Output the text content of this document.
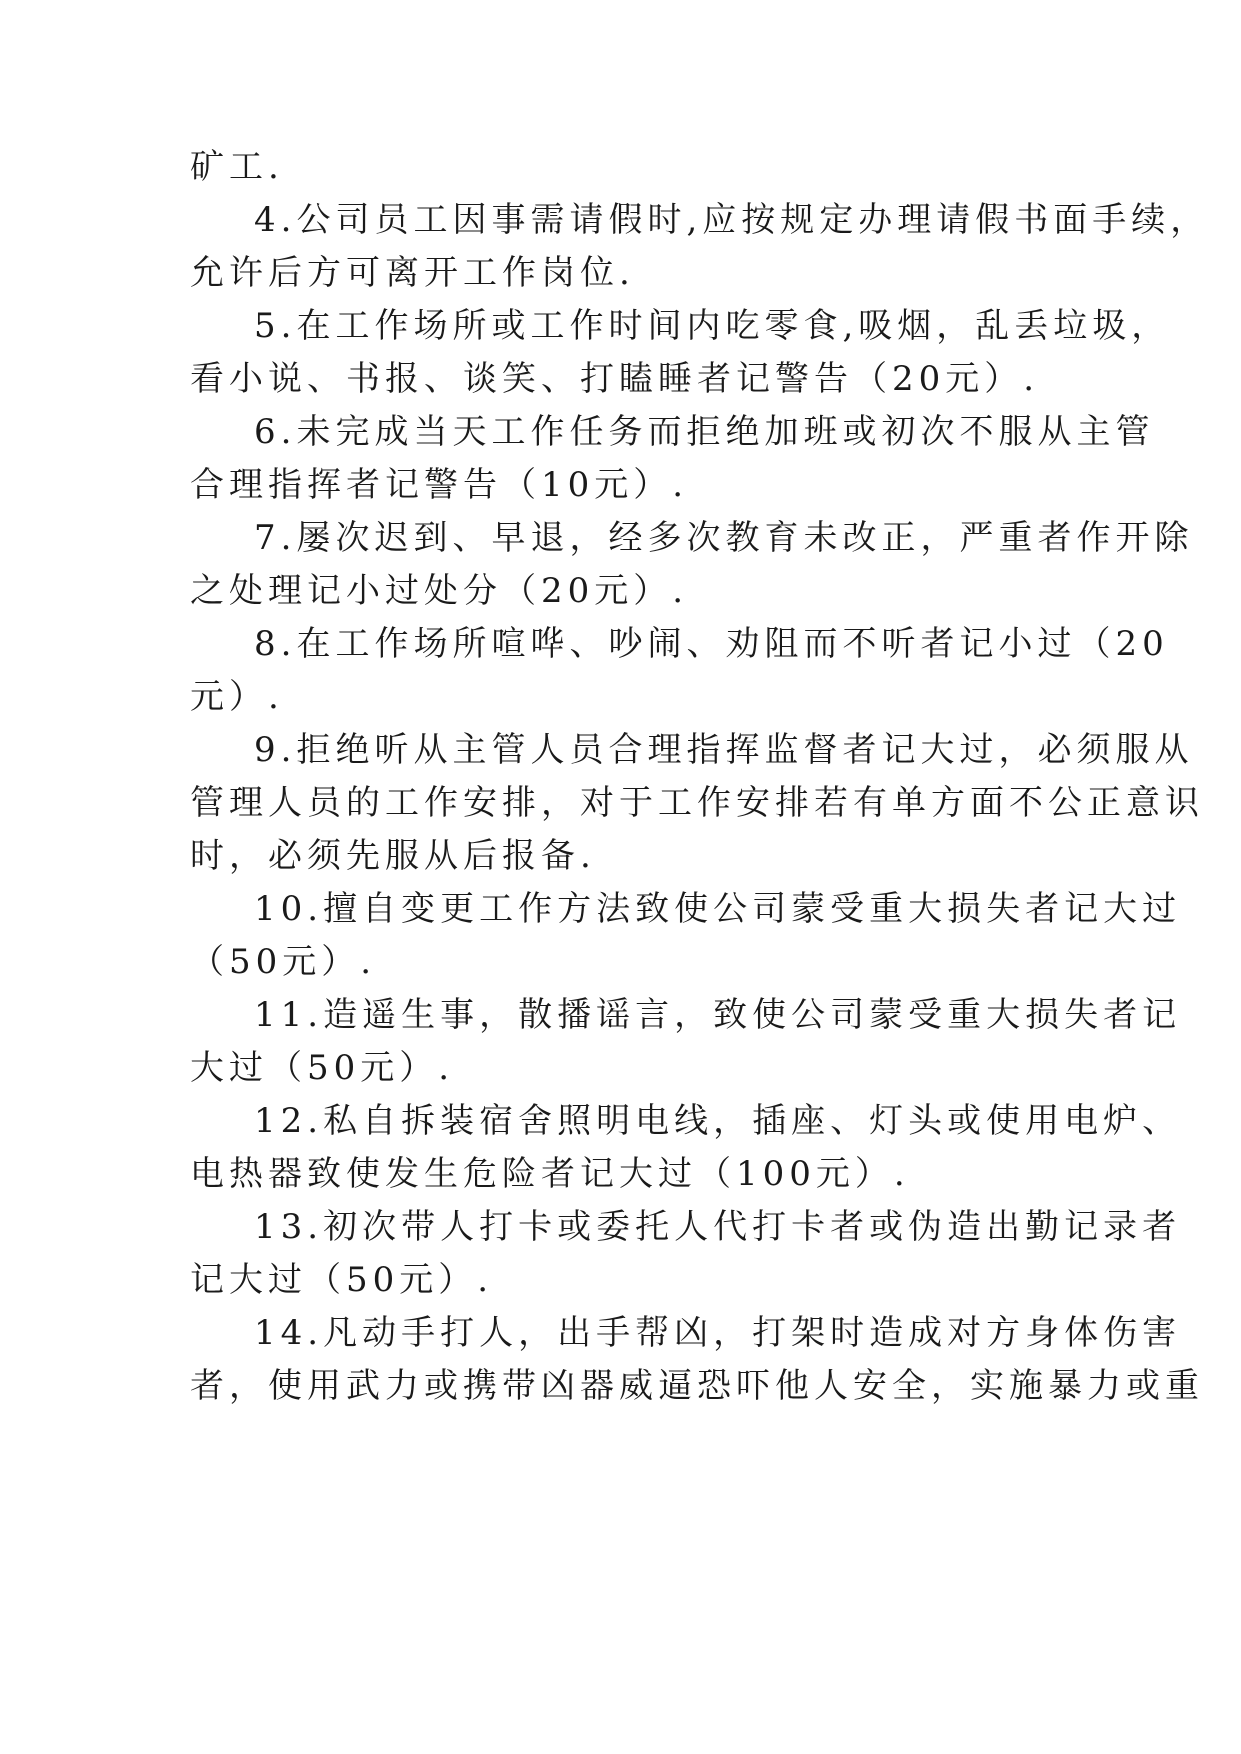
矿工.
4.公司员工因事需请假时,应按规定办理请假书面手续，
允许后方可离开工作岗位.
5.在工作场所或工作时间内吃零食,吸烟，乱丢垃圾，
看小说、书报、谈笑、打瞌睡者记警告（20元）.
6.未完成当天工作任务而拒绝加班或初次不服从主管
合理指挥者记警告（10元）.
7.屡次迟到、早退，经多次教育未改正，严重者作开除
之处理记小过处分（20元）.
8.在工作场所喧哗、吵闹、劝阻而不听者记小过（20
元）.
9.拒绝听从主管人员合理指挥监督者记大过，必须服从
管理人员的工作安排，对于工作安排若有单方面不公正意识
时，必须先服从后报备.
10.擅自变更工作方法致使公司蒙受重大损失者记大过
（50元）.
11.造遥生事，散播谣言，致使公司蒙受重大损失者记
大过（50元）.
12.私自拆装宿舍照明电线，插座、灯头或使用电炉、
电热器致使发生危险者记大过（100元）.
13.初次带人打卡或委托人代打卡者或伪造出勤记录者
记大过（50元）.
14.凡动手打人，出手帮凶，打架时造成对方身体伤害
者，使用武力或携带凶器威逼恐吓他人安全，实施暴力或重
